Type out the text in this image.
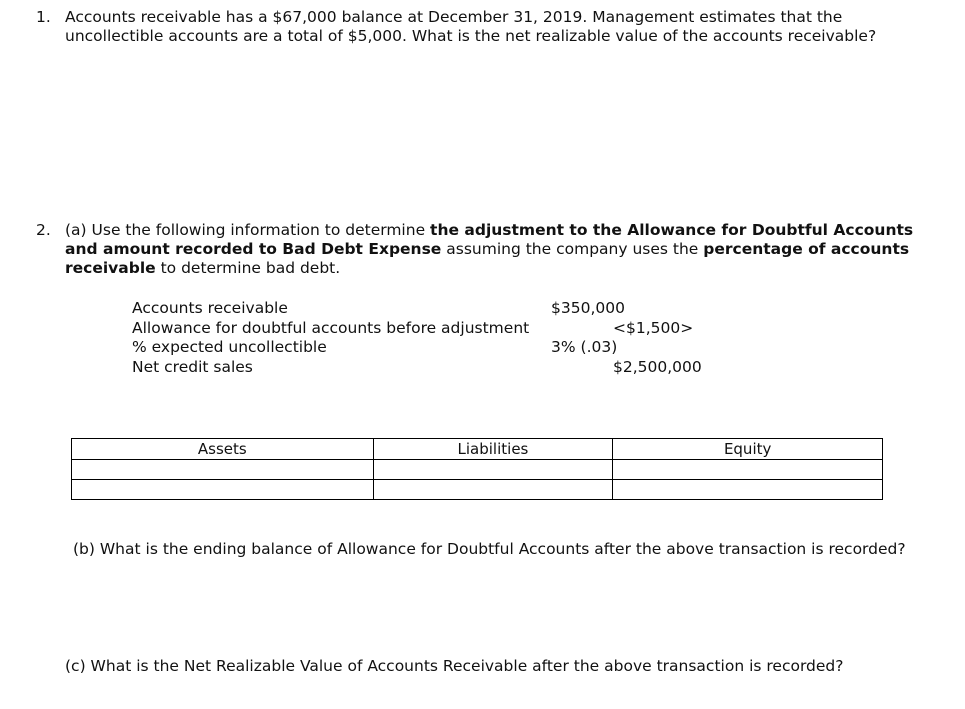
1. Accounts receivable has a $67,000 balance at December 31, 2019. Management estimates that the uncollectible accounts are a total of $5,000. What is the net realizable value of the accounts receivable?
2. (a) Use the following information to determine the adjustment to the Allowance for Doubtful Accounts and amount recorded to Bad Debt Expense assuming the company uses the percentage of accounts receivable to determine bad debt.
Accounts receivable	$350,000
Allowance for doubtful accounts before adjustment	<$1,500>
% expected uncollectible	3% (.03)
Net credit sales	$2,500,000
Assets	Liabilities	Equity

(b) What is the ending balance of Allowance for Doubtful Accounts after the above transaction is recorded?
(c) What is the Net Realizable Value of Accounts Receivable after the above transaction is recorded?
